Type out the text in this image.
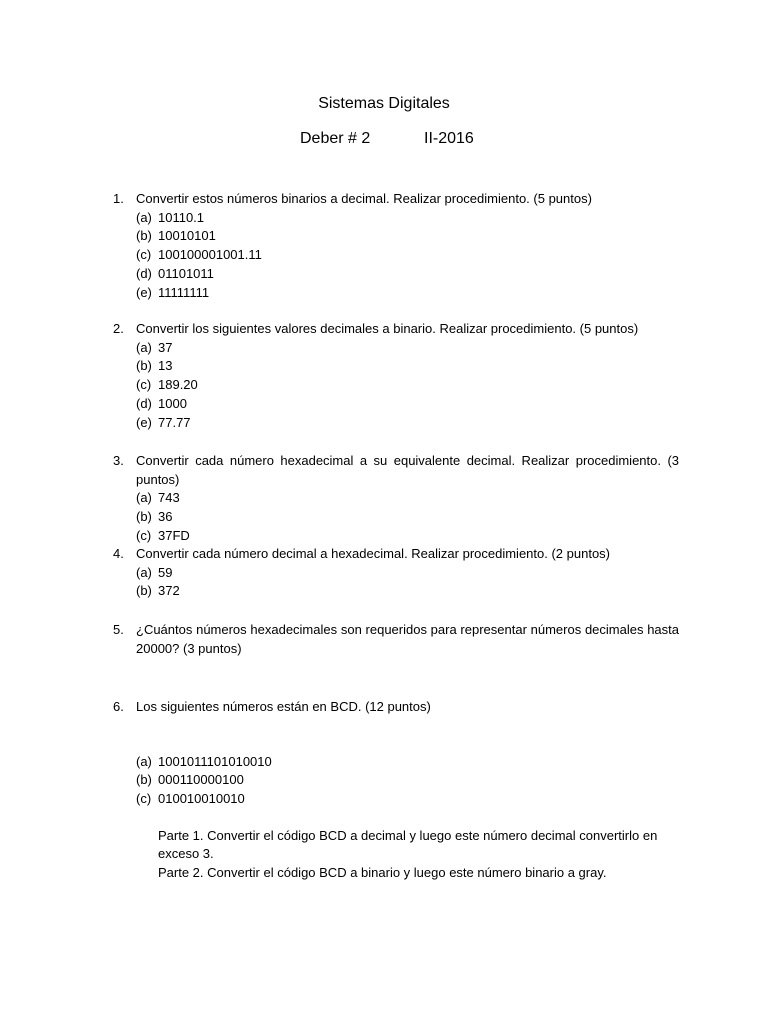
Sistemas Digitales
Deber # 2	II-2016
1. Convertir estos números binarios a decimal. Realizar procedimiento. (5 puntos)
(a) 10110.1
(b) 10010101
(c) 100100001001.11
(d) 01101011
(e) 11111111
2. Convertir los siguientes valores decimales a binario. Realizar procedimiento. (5 puntos)
(a) 37
(b) 13
(c) 189.20
(d) 1000
(e) 77.77
3. Convertir cada número hexadecimal a su equivalente decimal. Realizar procedimiento. (3 puntos)
(a) 743
(b) 36
(c) 37FD
4. Convertir cada número decimal a hexadecimal. Realizar procedimiento. (2 puntos)
(a) 59
(b) 372
5. ¿Cuántos números hexadecimales son requeridos para representar números decimales hasta 20000? (3 puntos)
6. Los siguientes números están en BCD. (12 puntos)
(a) 1001011101010010
(b) 000110000100
(c) 010010010010
Parte 1. Convertir el código BCD a decimal y luego este número decimal convertirlo en exceso 3.
Parte 2. Convertir el código BCD a binario y luego este número binario a gray.
